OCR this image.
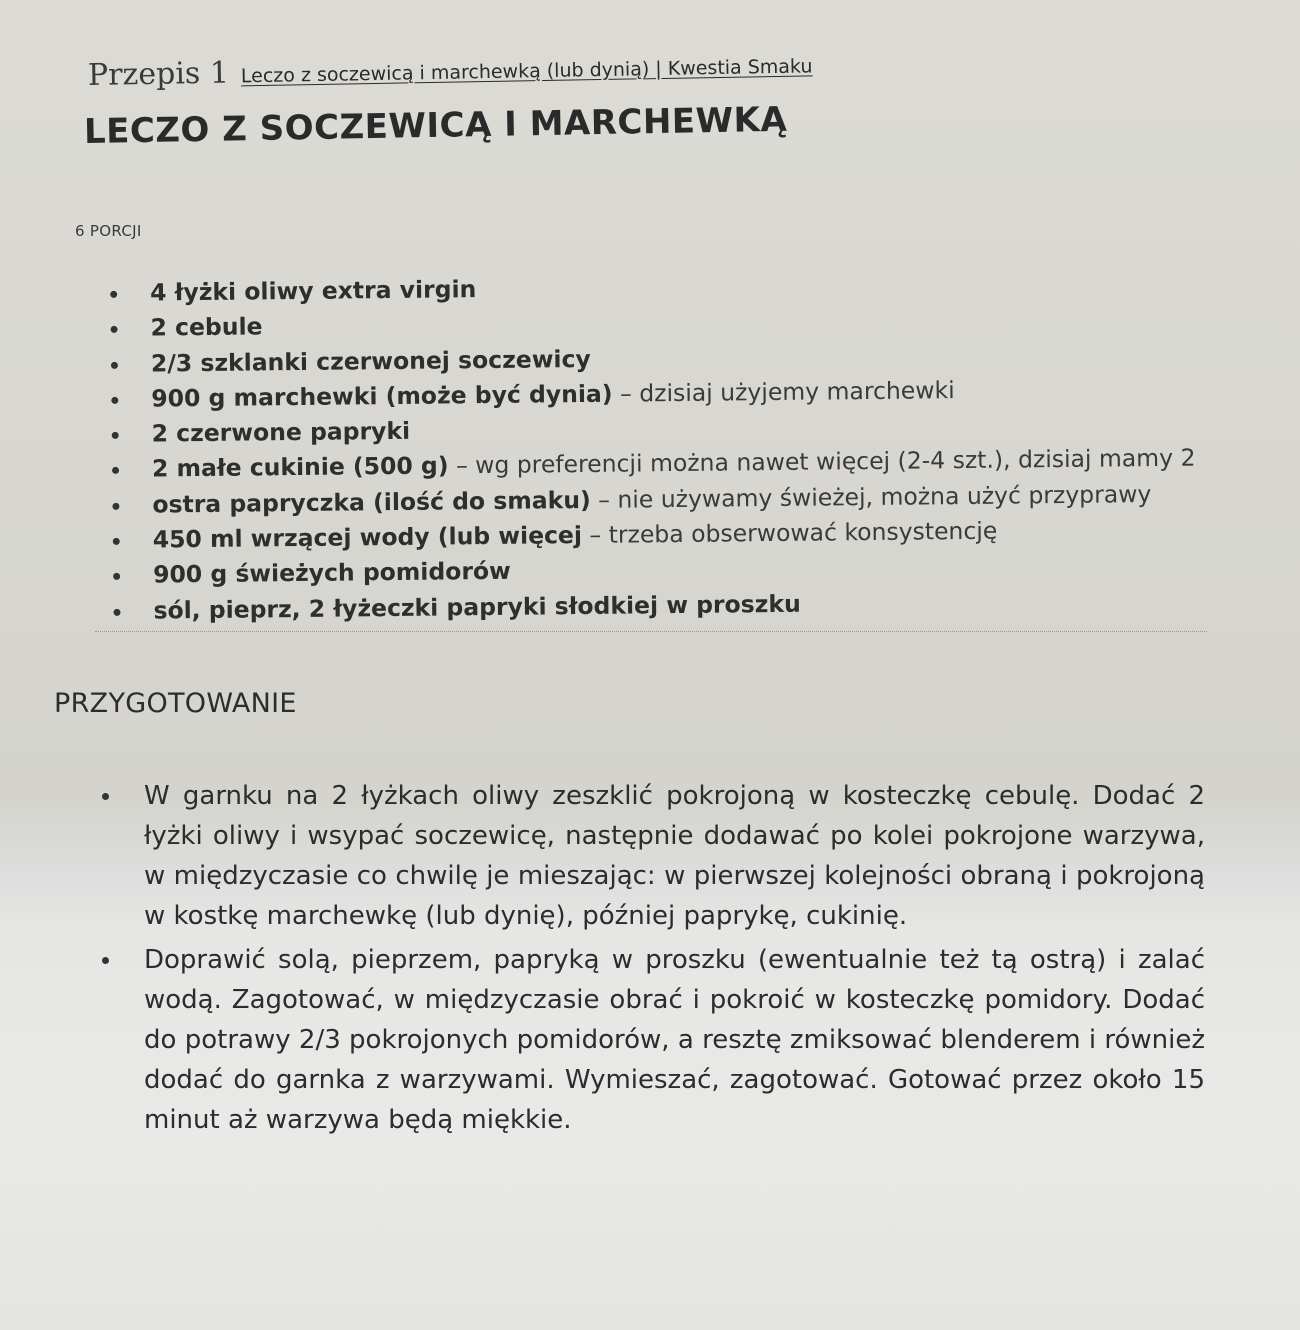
Przepis 1 Leczo z soczewicą i marchewką (lub dynią) | Kwestia Smaku
LECZO Z SOCZEWICĄ I MARCHEWKĄ
6 PORCJI
4 łyżki oliwy extra virgin
2 cebule
2/3 szklanki czerwonej soczewicy
900 g marchewki (może być dynia) – dzisiaj użyjemy marchewki
2 czerwone papryki
2 małe cukinie (500 g) – wg preferencji można nawet więcej (2-4 szt.), dzisiaj mamy 2
ostra papryczka (ilość do smaku) – nie używamy świeżej, można użyć przyprawy
450 ml wrzącej wody (lub więcej – trzeba obserwować konsystencję
900 g świeżych pomidorów
sól, pieprz, 2 łyżeczki papryki słodkiej w proszku
PRZYGOTOWANIE
W garnku na 2 łyżkach oliwy zeszklić pokrojoną w kosteczkę cebulę. Dodać 2 łyżki oliwy i wsypać soczewicę, następnie dodawać po kolei pokrojone warzywa, w międzyczasie co chwilę je mieszając: w pierwszej kolejności obraną i pokrojoną w kostkę marchewkę (lub dynię), później paprykę, cukinię.
Doprawić solą, pieprzem, papryką w proszku (ewentualnie też tą ostrą) i zalać wodą. Zagotować, w międzyczasie obrać i pokroić w kosteczkę pomidory. Dodać do potrawy 2/3 pokrojonych pomidorów, a resztę zmiksować blenderem i również dodać do garnka z warzywami. Wymieszać, zagotować. Gotować przez około 15 minut aż warzywa będą miękkie.
